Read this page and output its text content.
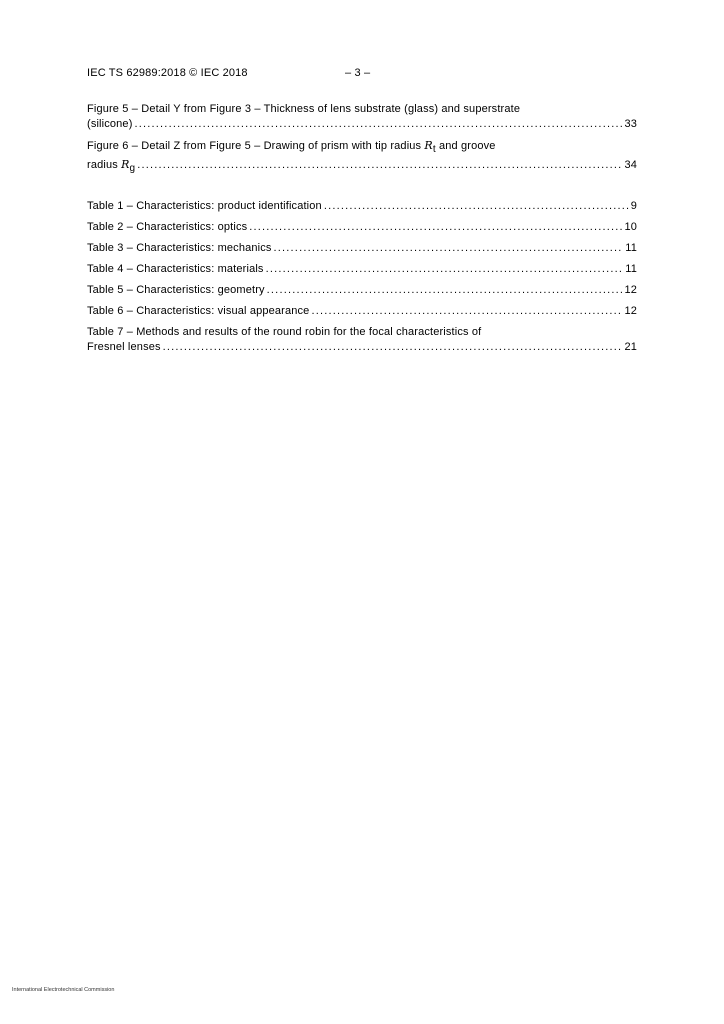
IEC TS 62989:2018 © IEC 2018	– 3 –
Figure 5 – Detail Y from Figure 3 – Thickness of lens substrate (glass) and superstrate
(silicone) .....	33
Figure 6 – Detail Z from Figure 5 – Drawing of prism with tip radius Rt and groove
radius Rg .....	34
Table 1 – Characteristics: product identification .....	9
Table 2 – Characteristics: optics .....	10
Table 3 – Characteristics: mechanics .....	11
Table 4 – Characteristics: materials .....	11
Table 5 – Characteristics: geometry .....	12
Table 6 – Characteristics: visual appearance .....	12
Table 7 – Methods and results of the round robin for the focal characteristics of
Fresnel lenses .....	21
International Electrotechnical Commission
